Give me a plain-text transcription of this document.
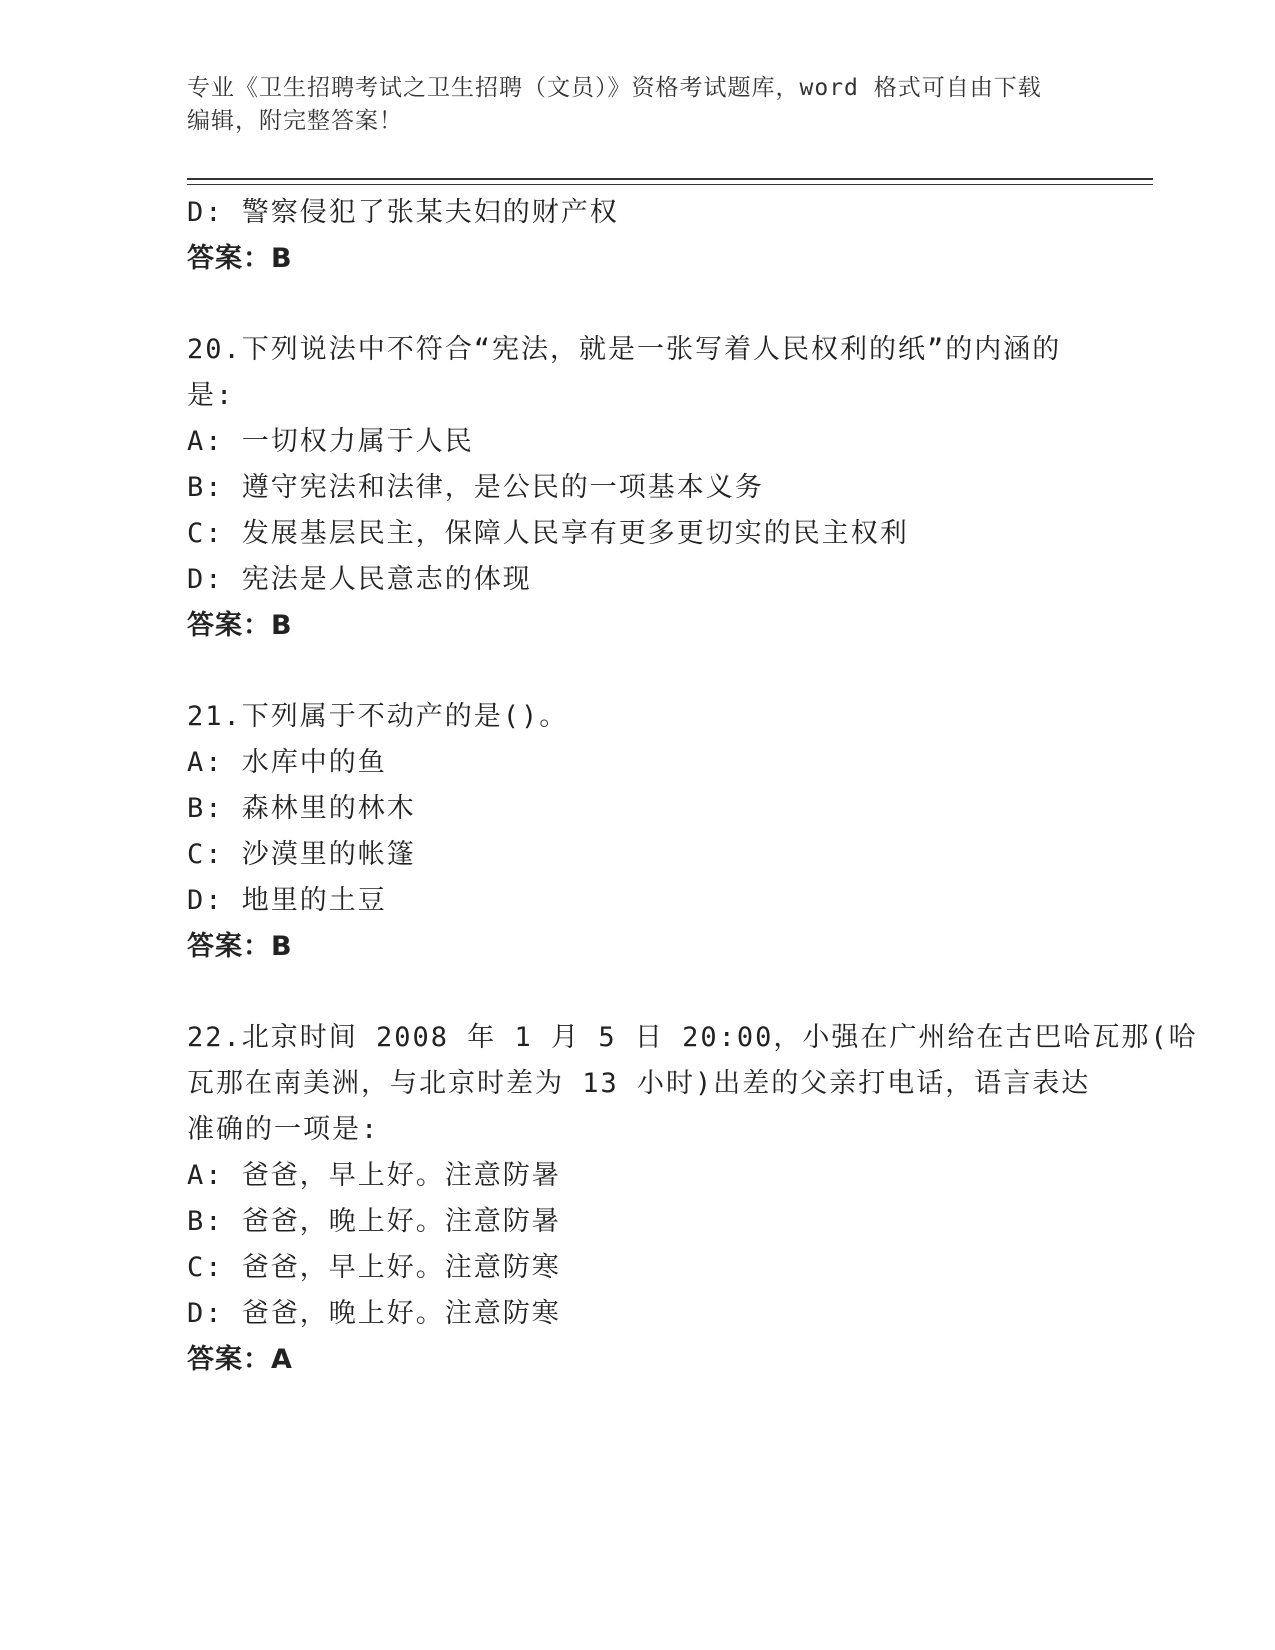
专业《卫生招聘考试之卫生招聘（文员）》资格考试题库，word 格式可自由下载
编辑，附完整答案！
D: 警察侵犯了张某夫妇的财产权
答案：B
20.下列说法中不符合“宪法，就是一张写着人民权利的纸”的内涵的
是:
A: 一切权力属于人民
B: 遵守宪法和法律，是公民的一项基本义务
C: 发展基层民主，保障人民享有更多更切实的民主权利
D: 宪法是人民意志的体现
答案：B
21.下列属于不动产的是()。
A: 水库中的鱼
B: 森林里的林木
C: 沙漠里的帐篷
D: 地里的土豆
答案：B
22.北京时间 2008 年 1 月 5 日 20:00，小强在广州给在古巴哈瓦那(哈
瓦那在南美洲，与北京时差为 13 小时)出差的父亲打电话，语言表达
准确的一项是:
A: 爸爸，早上好。注意防暑
B: 爸爸，晚上好。注意防暑
C: 爸爸，早上好。注意防寒
D: 爸爸，晚上好。注意防寒
答案：A
